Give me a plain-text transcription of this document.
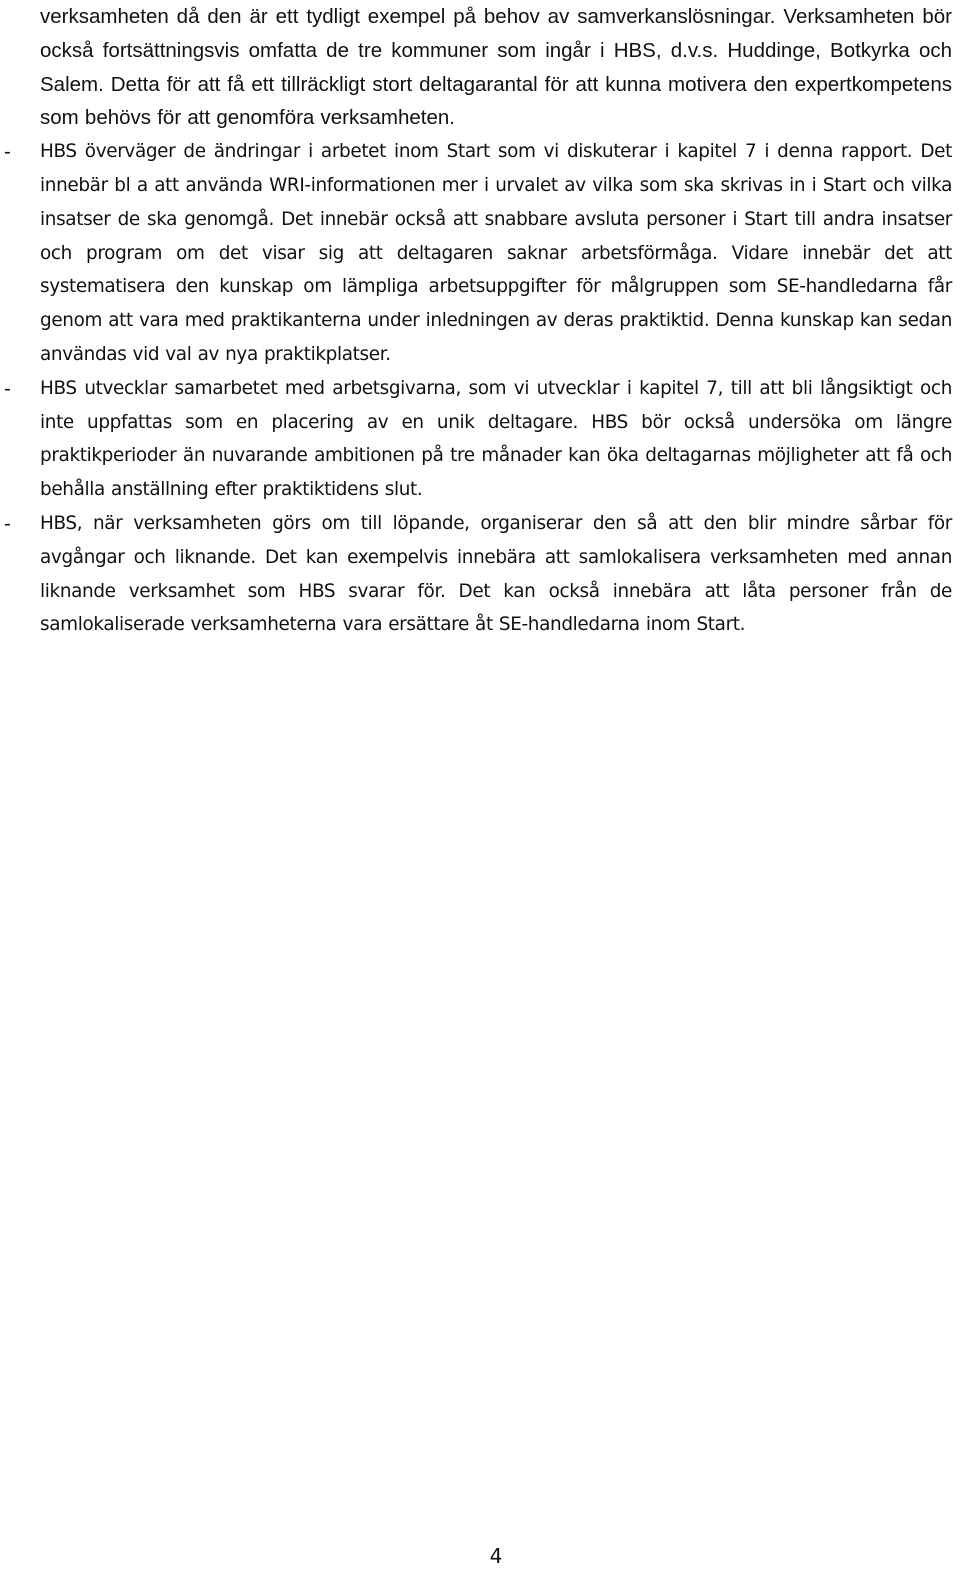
verksamheten då den är ett tydligt exempel på behov av samverkanslösningar. Verksamheten bör också fortsättningsvis omfatta de tre kommuner som ingår i HBS, d.v.s. Huddinge, Botkyrka och Salem. Detta för att få ett tillräckligt stort deltagarantal för att kunna motivera den expertkompetens som behövs för att genomföra verksamheten.

- HBS överväger de ändringar i arbetet inom Start som vi diskuterar i kapitel 7 i denna rapport. Det innebär bl a att använda WRI-informationen mer i urvalet av vilka som ska skrivas in i Start och vilka insatser de ska genomgå. Det innebär också att snabbare avsluta personer i Start till andra insatser och program om det visar sig att deltagaren saknar arbetsförmåga. Vidare innebär det att systematisera den kunskap om lämpliga arbetsuppgifter för målgruppen som SE-handledarna får genom att vara med praktikanterna under inledningen av deras praktiktid. Denna kunskap kan sedan användas vid val av nya praktikplatser.

- HBS utvecklar samarbetet med arbetsgivarna, som vi utvecklar i kapitel 7, till att bli långsiktigt och inte uppfattas som en placering av en unik deltagare. HBS bör också undersöka om längre praktikperioder än nuvarande ambitionen på tre månader kan öka deltagarnas möjligheter att få och behålla anställning efter praktiktidens slut.

- HBS, när verksamheten görs om till löpande, organiserar den så att den blir mindre sårbar för avgångar och liknande. Det kan exempelvis innebära att samlokalisera verksamheten med annan liknande verksamhet som HBS svarar för. Det kan också innebära att låta personer från de samlokaliserade verksamheterna vara ersättare åt SE-handledarna inom Start.

4
